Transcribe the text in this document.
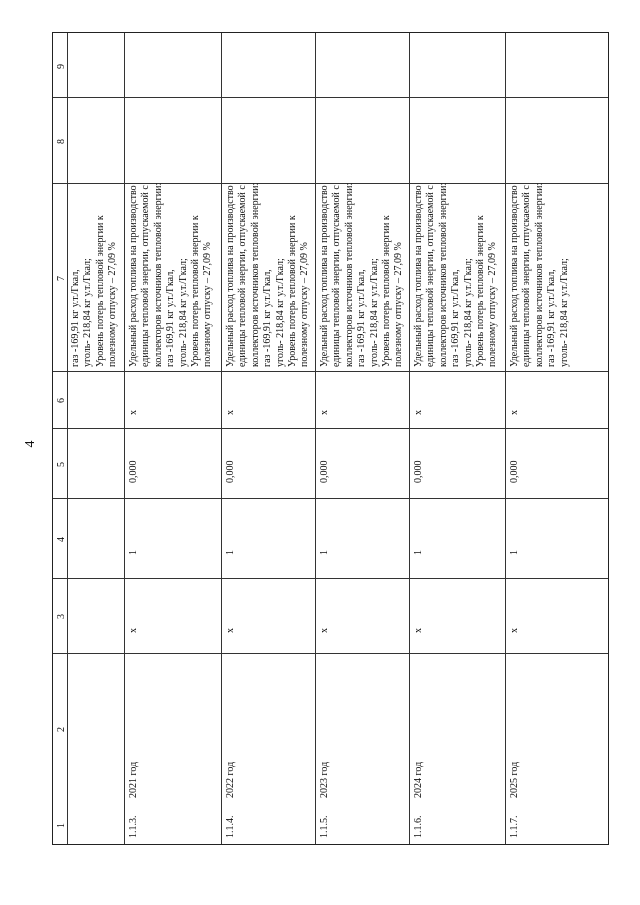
4
1
2
3
4
5
6
7
8
9
газ -169,91 кг у.т./Гкал, уголь- 218,84 кг у.т./Гкал; Уровень потерь тепловой энергии к полезному отпуску – 27,09 %
1.1.3.
2021 год
х
1
0,000
х
Удельный расход топлива на производство единицы тепловой энергии, отпускаемой с коллекторов источников тепловой энергии: газ -169,91 кг у.т./Гкал, уголь- 218,84 кг у.т./Гкал; Уровень потерь тепловой энергии к полезному отпуску – 27,09 %
1.1.4.
2022 год
х
1
0,000
х
Удельный расход топлива на производство единицы тепловой энергии, отпускаемой с коллекторов источников тепловой энергии: газ -169,91 кг у.т./Гкал, уголь- 218,84 кг у.т./Гкал; Уровень потерь тепловой энергии к полезному отпуску – 27,09 %
1.1.5.
2023 год
х
1
0,000
х
Удельный расход топлива на производство единицы тепловой энергии, отпускаемой с коллекторов источников тепловой энергии: газ -169,91 кг у.т./Гкал, уголь- 218,84 кг у.т./Гкал; Уровень потерь тепловой энергии к полезному отпуску – 27,09 %
1.1.6.
2024 год
х
1
0,000
х
Удельный расход топлива на производство единицы тепловой энергии, отпускаемой с коллекторов источников тепловой энергии: газ -169,91 кг у.т./Гкал, уголь- 218,84 кг у.т./Гкал; Уровень потерь тепловой энергии к полезному отпуску – 27,09 %
1.1.7.
2025 год
х
1
0,000
х
Удельный расход топлива на производство единицы тепловой энергии, отпускаемой с коллекторов источников тепловой энергии: газ -169,91 кг у.т./Гкал, уголь- 218,84 кг у.т./Гкал;
